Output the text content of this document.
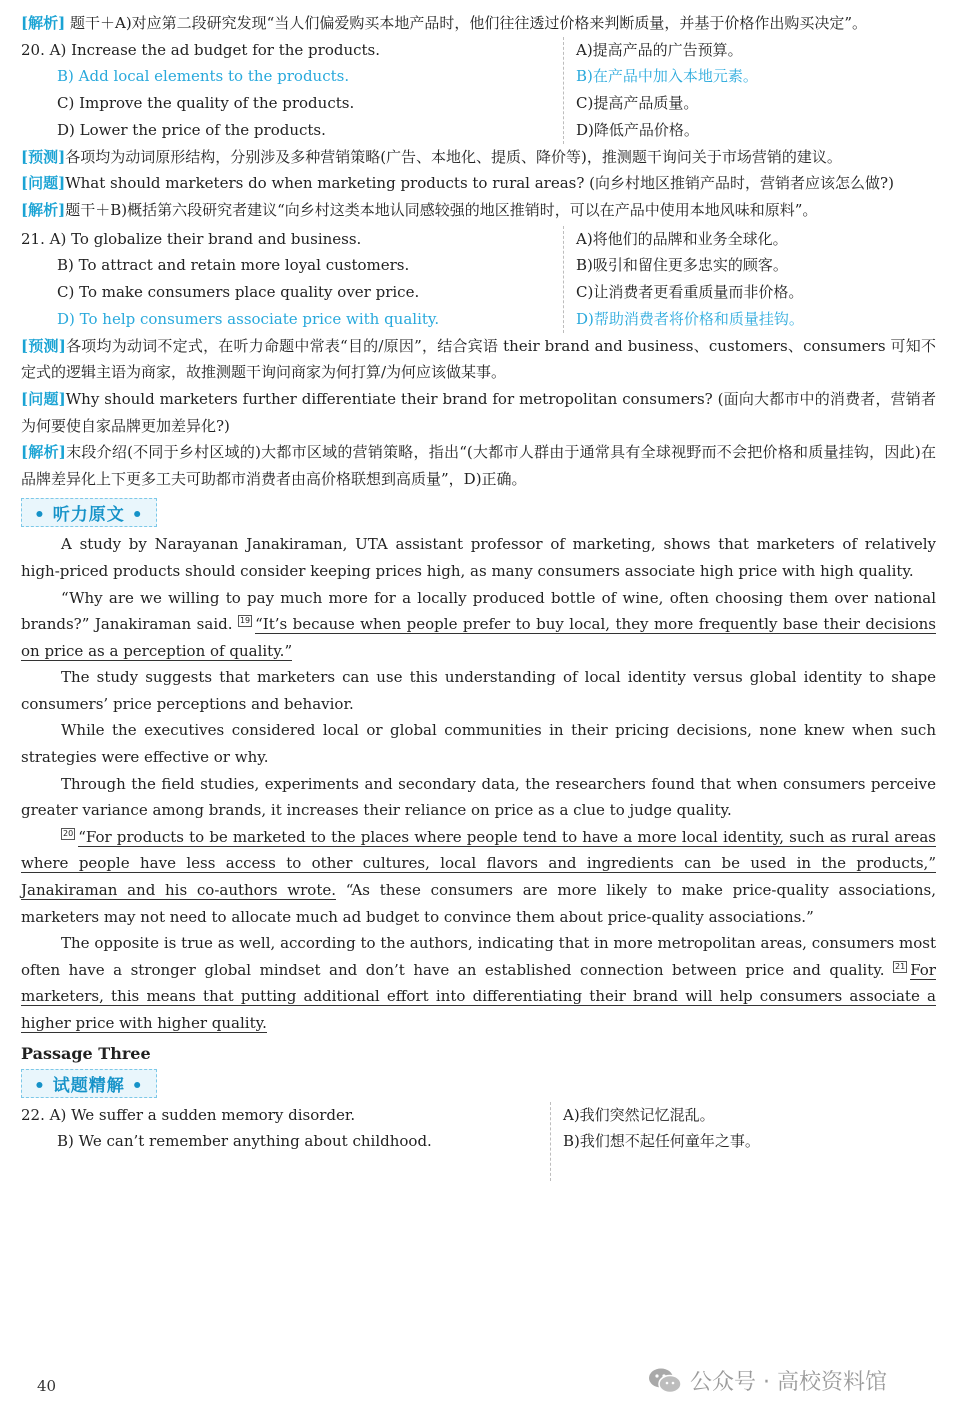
[解析] 题干＋A)对应第二段研究发现“当人们偏爱购买本地产品时，他们往往透过价格来判断质量，并基于价格作出购买决定”。

20. A) Increase the ad budget for the products.
B) Add local elements to the products.
C) Improve the quality of the products.
D) Lower the price of the products.
A)提高产品的广告预算。
B)在产品中加入本地元素。
C)提高产品质量。
D)降低产品价格。

[预测]各项均为动词原形结构，分别涉及多种营销策略(广告、本地化、提质、降价等)，推测题干询问关于市场营销的建议。

[问题]What should marketers do when marketing products to rural areas? (向乡村地区推销产品时，营销者应该怎么做?)

[解析]题干＋B)概括第六段研究者建议“向乡村这类本地认同感较强的地区推销时，可以在产品中使用本地风味和原料”。

21. A) To globalize their brand and business.
B) To attract and retain more loyal customers.
C) To make consumers place quality over price.
D) To help consumers associate price with quality.
A)将他们的品牌和业务全球化。
B)吸引和留住更多忠实的顾客。
C)让消费者更看重质量而非价格。
D)帮助消费者将价格和质量挂钩。

[预测]各项均为动词不定式，在听力命题中常表“目的/原因”，结合宾语 their brand and business、customers、consumers 可知不定式的逻辑主语为商家，故推测题干询问商家为何打算/为何应该做某事。

[问题]Why should marketers further differentiate their brand for metropolitan consumers? (面向大都市中的消费者，营销者为何要使自家品牌更加差异化?)

[解析]末段介绍(不同于乡村区域的)大都市区域的营销策略，指出“(大都市人群由于通常具有全球视野而不会把价格和质量挂钩，因此)在品牌差异化上下更多工夫可助都市消费者由高价格联想到高质量”，D)正确。

• 听力原文 •

A study by Narayanan Janakiraman, UTA assistant professor of marketing, shows that marketers of relatively high-priced products should consider keeping prices high, as many consumers associate high price with high quality.

“Why are we willing to pay much more for a locally produced bottle of wine, often choosing them over national brands?” Janakiraman said. 19 “It’s because when people prefer to buy local, they more frequently base their decisions on price as a perception of quality.”

The study suggests that marketers can use this understanding of local identity versus global identity to shape consumers’ price perceptions and behavior.

While the executives considered local or global communities in their pricing decisions, none knew when such strategies were effective or why.

Through the field studies, experiments and secondary data, the researchers found that when consumers perceive greater variance among brands, it increases their reliance on price as a clue to judge quality.

20 “For products to be marketed to the places where people tend to have a more local identity, such as rural areas where people have less access to other cultures, local flavors and ingredients can be used in the products,” Janakiraman and his co-authors wrote. “As these consumers are more likely to make price-quality associations, marketers may not need to allocate much ad budget to convince them about price-quality associations.”

The opposite is true as well, according to the authors, indicating that in more metropolitan areas, consumers most often have a stronger global mindset and don’t have an established connection between price and quality. 21 For marketers, this means that putting additional effort into differentiating their brand will help consumers associate a higher price with higher quality.

Passage Three
• 试题精解 •
22. A) We suffer a sudden memory disorder.
B) We can’t remember anything about childhood.
A)我们突然记忆混乱。
B)我们想不起任何童年之事。
40	公众号 · 高校资料馆
